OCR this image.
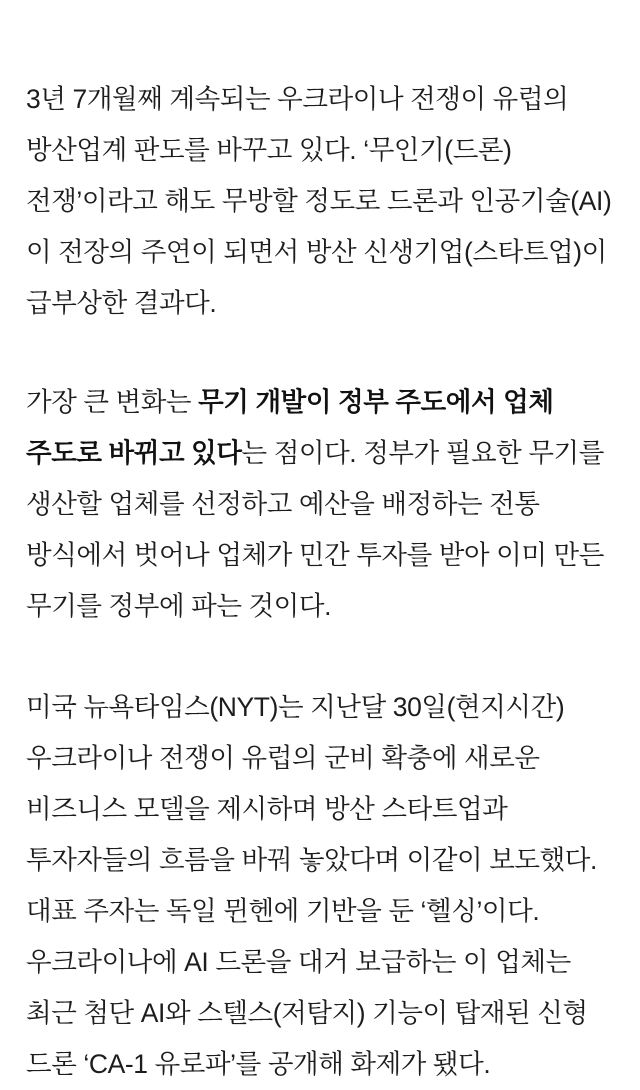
3년 7개월째 계속되는 우크라이나 전쟁이 유럽의 방산업계 판도를 바꾸고 있다. ‘무인기(드론) 전쟁’이라고 해도 무방할 정도로 드론과 인공기술(AI)이 전장의 주연이 되면서 방산 신생기업(스타트업)이 급부상한 결과다.

가장 큰 변화는 무기 개발이 정부 주도에서 업체 주도로 바뀌고 있다는 점이다. 정부가 필요한 무기를 생산할 업체를 선정하고 예산을 배정하는 전통 방식에서 벗어나 업체가 민간 투자를 받아 이미 만든 무기를 정부에 파는 것이다.

미국 뉴욕타임스(NYT)는 지난달 30일(현지시간) 우크라이나 전쟁이 유럽의 군비 확충에 새로운 비즈니스 모델을 제시하며 방산 스타트업과 투자자들의 흐름을 바꿔 놓았다며 이같이 보도했다. 대표 주자는 독일 뮌헨에 기반을 둔 ‘헬싱’이다. 우크라이나에 AI 드론을 대거 보급하는 이 업체는 최근 첨단 AI와 스텔스(저탐지) 기능이 탑재된 신형 드론 ‘CA-1 유로파’를 공개해 화제가 됐다.
